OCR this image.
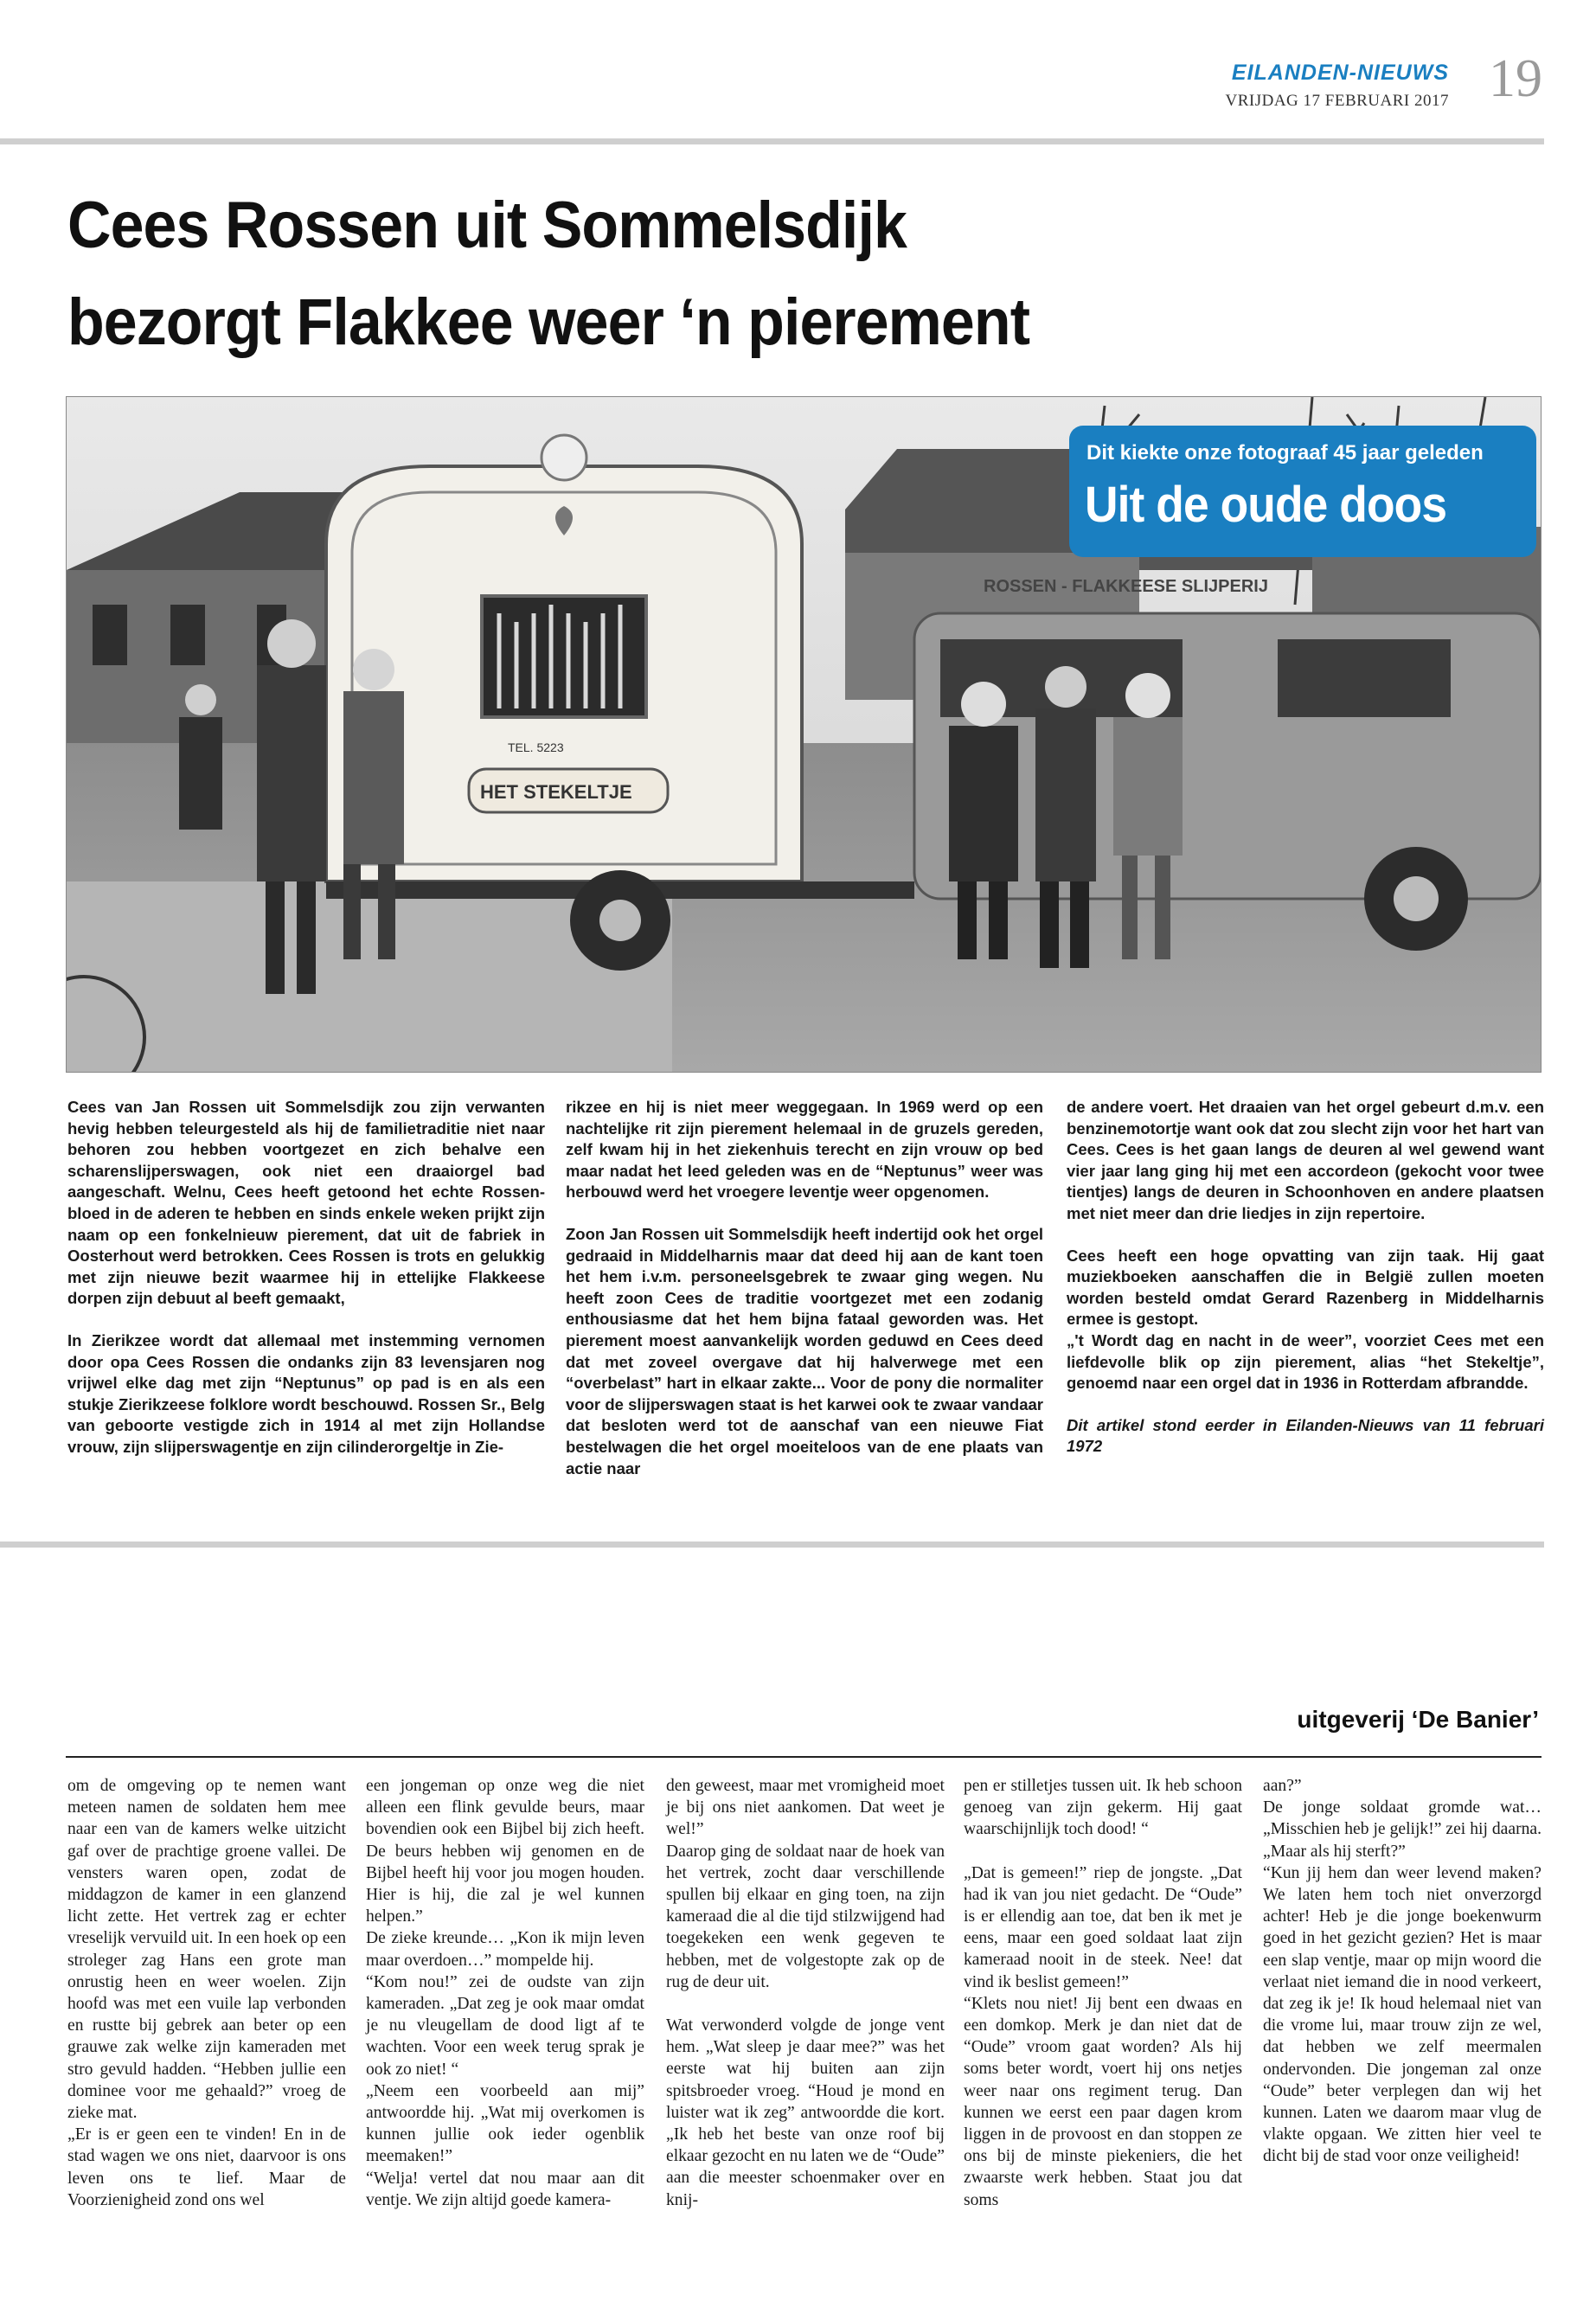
EILANDEN-NIEUWS
VRIJDAG 17 FEBRUARI 2017 19
Cees Rossen uit Sommelsdijk
bezorgt Flakkee weer ‘n pierement
ROSSEN - FLAKKEESE SLIJPERIJ
TEL. 5223
HET STEKELTJE
Dit kiekte onze fotograaf 45 jaar geleden
Uit de oude doos

Cees van Jan Rossen uit Sommelsdijk zou zijn verwanten hevig hebben teleurgesteld als hij de familietraditie niet naar behoren zou hebben voortgezet en zich behalve een scharenslijperswagen, ook niet een draaiorgel bad aangeschaft. Welnu, Cees heeft getoond het echte Rossen-bloed in de aderen te hebben en sinds enkele weken prijkt zijn naam op een fonkelnieuw pierement, dat uit de fabriek in Oosterhout werd betrokken. Cees Rossen is trots en gelukkig met zijn nieuwe bezit waarmee hij in ettelijke Flakkeese dorpen zijn debuut al beeft gemaakt,

In Zierikzee wordt dat allemaal met instemming vernomen door opa Cees Rossen die ondanks zijn 83 levensjaren nog vrijwel elke dag met zijn “Neptunus” op pad is en als een stukje Zierikzeese folklore wordt beschouwd. Rossen Sr., Belg van geboorte vestigde zich in 1914 al met zijn Hollandse vrouw, zijn slijperswagentje en zijn cilinderorgeltje in Zie-

rikzee en hij is niet meer weggegaan. In 1969 werd op een nachtelijke rit zijn pierement helemaal in de gruzels gereden, zelf kwam hij in het ziekenhuis terecht en zijn vrouw op bed maar nadat het leed geleden was en de “Neptunus” weer was herbouwd werd het vroegere leventje weer opgenomen.

Zoon Jan Rossen uit Sommelsdijk heeft indertijd ook het orgel gedraaid in Middelharnis maar dat deed hij aan de kant toen het hem i.v.m. personeelsgebrek te zwaar ging wegen. Nu heeft zoon Cees de traditie voortgezet met een zodanig enthousiasme dat het hem bijna fataal geworden was. Het pierement moest aanvankelijk worden geduwd en Cees deed dat met zoveel overgave dat hij halverwege met een “overbelast” hart in elkaar zakte... Voor de pony die normaliter voor de slijperswagen staat is het karwei ook te zwaar vandaar dat besloten werd tot de aanschaf van een nieuwe Fiat bestelwagen die het orgel moeiteloos van de ene plaats van actie naar

de andere voert. Het draaien van het orgel gebeurt d.m.v. een benzinemotortje want ook dat zou slecht zijn voor het hart van Cees. Cees is het gaan langs de deuren al wel gewend want vier jaar lang ging hij met een accordeon (gekocht voor twee tientjes) langs de deuren in Schoonhoven en andere plaatsen met niet meer dan drie liedjes in zijn repertoire.

Cees heeft een hoge opvatting van zijn taak. Hij gaat muziekboeken aanschaffen die in België zullen moeten worden besteld omdat Gerard Razenberg in Middelharnis ermee is gestopt.
„'t Wordt dag en nacht in de weer”, voorziet Cees met een liefdevolle blik op zijn pierement, alias “het Stekeltje”, genoemd naar een orgel dat in 1936 in Rotterdam afbrandde.

Dit artikel stond eerder in Eilanden-Nieuws van 11 februari 1972

uitgeverij ‘De Banier’

om de omgeving op te nemen want meteen namen de soldaten hem mee naar een van de kamers welke uitzicht gaf over de prachtige groene vallei. De vensters waren open, zodat de middagzon de kamer in een glanzend licht zette. Het vertrek zag er echter vreselijk vervuild uit. In een hoek op een stroleger zag Hans een grote man onrustig heen en weer woelen. Zijn hoofd was met een vuile lap verbonden en rustte bij gebrek aan beter op een grauwe zak welke zijn kameraden met stro gevuld hadden. “Hebben jullie een dominee voor me gehaald?” vroeg de zieke mat.
„Er is er geen een te vinden! En in de stad wagen we ons niet, daarvoor is ons leven ons te lief. Maar de Voorzienigheid zond ons wel

een jongeman op onze weg die niet alleen een flink gevulde beurs, maar bovendien ook een Bijbel bij zich heeft. De beurs hebben wij genomen en de Bijbel heeft hij voor jou mogen houden. Hier is hij, die zal je wel kunnen helpen.”
De zieke kreunde… „Kon ik mijn leven maar overdoen…” mompelde hij.
“Kom nou!” zei de oudste van zijn kameraden. „Dat zeg je ook maar omdat je nu vleugellam de dood ligt af te wachten. Voor een week terug sprak je ook zo niet! “
„Neem een voorbeeld aan mij” antwoordde hij. „Wat mij overkomen is kunnen jullie ook ieder ogenblik meemaken!”
“Welja! vertel dat nou maar aan dit ventje. We zijn altijd goede kamera-

den geweest, maar met vromigheid moet je bij ons niet aankomen. Dat weet je wel!”
Daarop ging de soldaat naar de hoek van het vertrek, zocht daar verschillende spullen bij elkaar en ging toen, na zijn kameraad die al die tijd stilzwijgend had toegekeken een wenk gegeven te hebben, met de volgestopte zak op de rug de deur uit.

Wat verwonderd volgde de jonge vent hem. „Wat sleep je daar mee?” was het eerste wat hij buiten aan zijn spitsbroeder vroeg. “Houd je mond en luister wat ik zeg” antwoordde die kort. „Ik heb het beste van onze roof bij elkaar gezocht en nu laten we de “Oude” aan die meester schoenmaker over en knij-

pen er stilletjes tussen uit. Ik heb schoon genoeg van zijn gekerm. Hij gaat waarschijnlijk toch dood! “

„Dat is gemeen!” riep de jongste. „Dat had ik van jou niet gedacht. De “Oude” is er ellendig aan toe, dat ben ik met je eens, maar een goed soldaat laat zijn kameraad nooit in de steek. Nee! dat vind ik beslist gemeen!”
“Klets nou niet! Jij bent een dwaas en een domkop. Merk je dan niet dat de “Oude” vroom gaat worden? Als hij soms beter wordt, voert hij ons netjes weer naar ons regiment terug. Dan kunnen we eerst een paar dagen krom liggen in de provoost en dan stoppen ze ons bij de minste piekeniers, die het zwaarste werk hebben. Staat jou dat soms

aan?”
De jonge soldaat gromde wat… „Misschien heb je gelijk!” zei hij daarna. „Maar als hij sterft?”
“Kun jij hem dan weer levend maken? We laten hem toch niet onverzorgd achter! Heb je die jonge boekenwurm goed in het gezicht gezien? Het is maar een slap ventje, maar op mijn woord die verlaat niet iemand die in nood verkeert, dat zeg ik je! Ik houd helemaal niet van die vrome lui, maar trouw zijn ze wel, dat hebben we zelf meermalen ondervonden. Die jongeman zal onze “Oude” beter verplegen dan wij het kunnen. Laten we daarom maar vlug de vlakte opgaan. We zitten hier veel te dicht bij de stad voor onze veiligheid!
